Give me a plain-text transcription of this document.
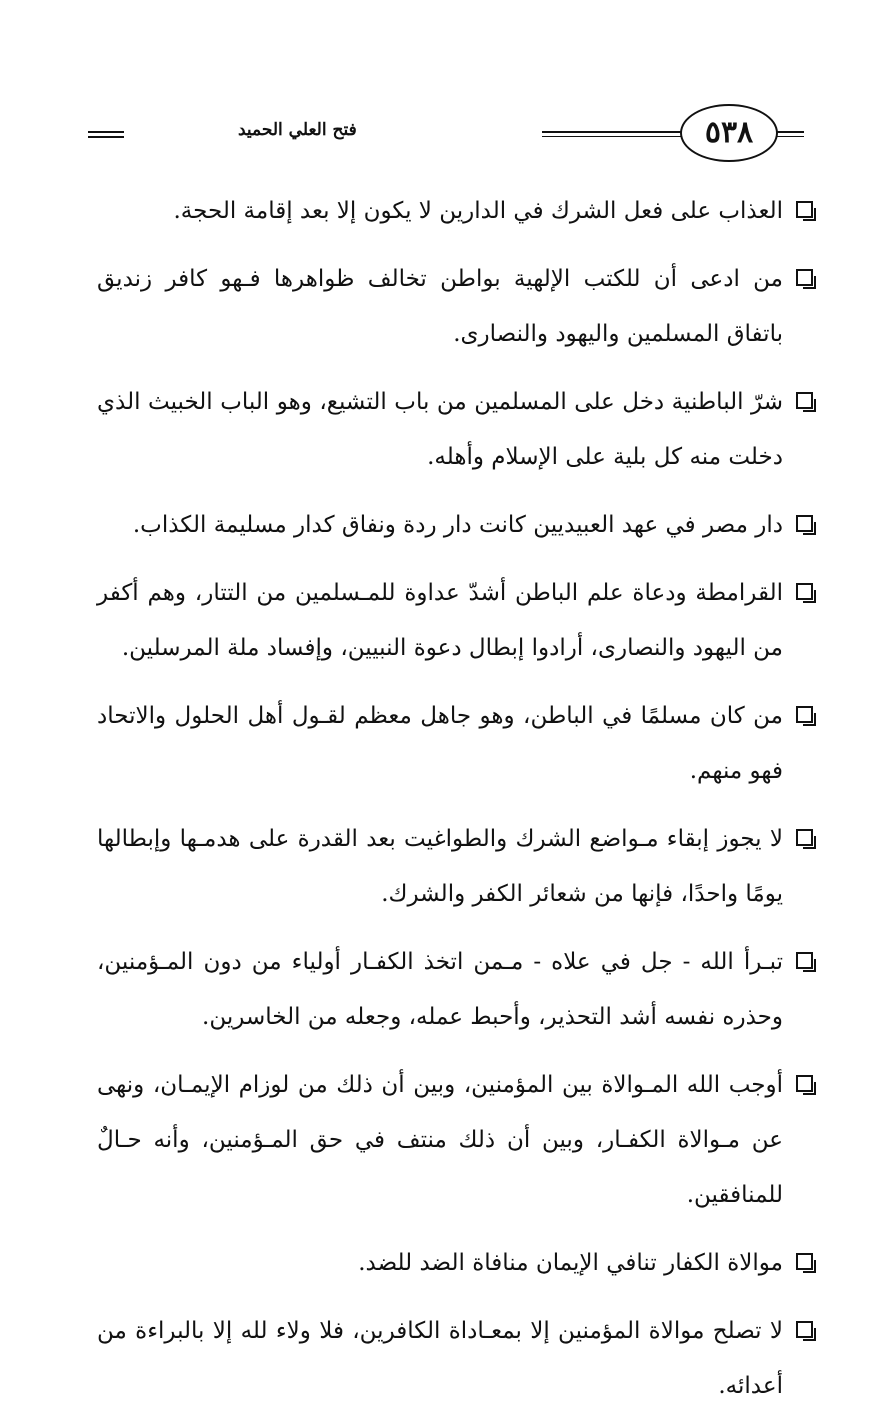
فتح العلي الحميد	٥٣٨
العذاب على فعل الشرك في الدارين لا يكون إلا بعد إقامة الحجة.
من ادعى أن للكتب الإلهية بواطن تخالف ظواهرها فـهو كافر زنديق باتفاق المسلمين واليهود والنصارى.
شرّ الباطنية دخل على المسلمين من باب التشيع، وهو الباب الخبيث الذي دخلت منه كل بلية على الإسلام وأهله.
دار مصر في عهد العبيديين كانت دار ردة ونفاق كدار مسليمة الكذاب.
القرامطة ودعاة علم الباطن أشدّ عداوة للمـسلمين من التتار، وهم أكفر من اليهود والنصارى، أرادوا إبطال دعوة النبيين، وإفساد ملة المرسلين.
من كان مسلمًا في الباطن، وهو جاهل معظم لقـول أهل الحلول والاتحاد فهو منهم.
لا يجوز إبقاء مـواضع الشرك والطواغيت بعد القدرة على هدمـها وإبطالها يومًا واحدًا، فإنها من شعائر الكفر والشرك.
تبـرأ الله - جل في علاه - مـمن اتخذ الكفـار أولياء من دون المـؤمنين، وحذره نفسه أشد التحذير، وأحبط عمله، وجعله من الخاسرين.
أوجب الله المـوالاة بين المؤمنين، وبين أن ذلك من لوزام الإيمـان، ونهى عن مـوالاة الكفـار، وبين أن ذلك منتف في حق المـؤمنين، وأنه حـالٌ للمنافقين.
موالاة الكفار تنافي الإيمان منافاة الضد للضد.
لا تصلح موالاة المؤمنين إلا بمعـاداة الكافرين، فلا ولاء لله إلا بالبراءة من أعدائه.
